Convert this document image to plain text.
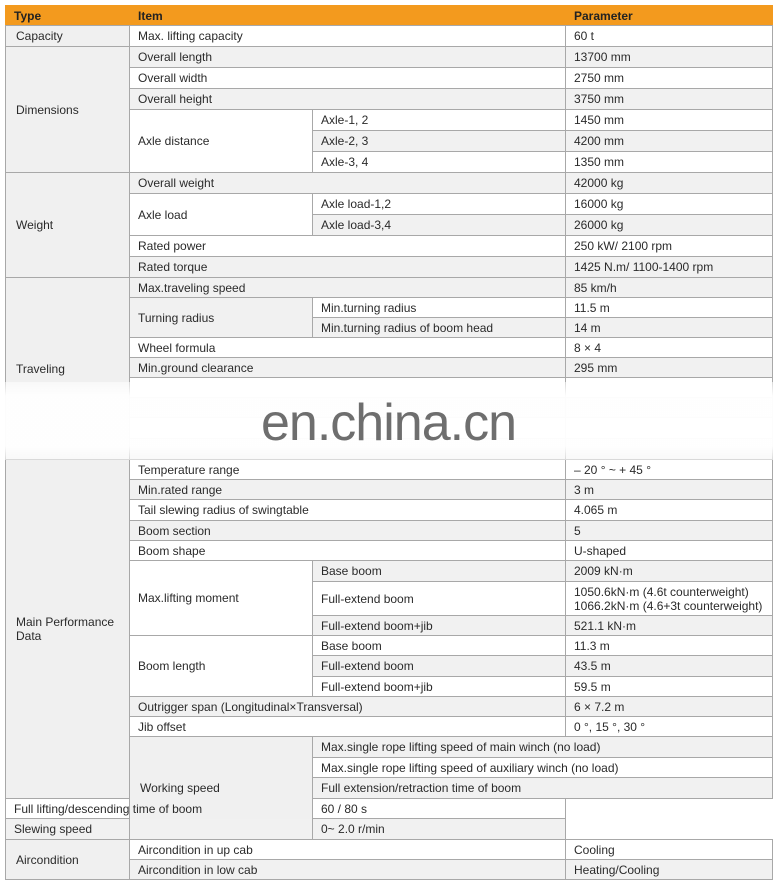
Type	Item		Parameter	
Capacity	Max. lifting capacity		60 t	
Dimensions	Overall length		13700 mm	
	Overall width		2750 mm	
	Overall height		3750 mm	
	Axle distance	Axle-1, 2	1450 mm	
		Axle-2, 3	4200 mm	
		Axle-3, 4	1350 mm	
Weight	Overall weight		42000 kg	
	Axle load	Axle load-1,2	16000 kg	
		Axle load-3,4	26000 kg	
	Rated power		250 kW/ 2100 rpm	
	Rated torque		1425 N.m/ 1100-1400 rpm	
Traveling	Max.traveling speed		85 km/h	
	Turning radius	Min.turning radius	11.5 m	
		Min.turning radius of boom head	14 m	
	Wheel formula		8 × 4	
	Min.ground clearance		295 mm	

Main Performance Data	Temperature range		– 20 ° ~ + 45 °	
	Min.rated range		3 m	
	Tail slewing radius of swingtable		4.065 m	
	Boom section		5	
	Boom shape		U-shaped	
	Max.lifting moment	Base boom	2009 kN·m	
		Full-extend boom	1050.6kN·m (4.6t counterweight)
1066.2kN·m (4.6+3t counterweight)	

		Full-extend boom+jib	521.1 kN·m	
	Boom length	Base boom	11.3 m	
		Full-extend boom	43.5 m	
		Full-extend boom+jib	59.5 m	
	Outrigger span (Longitudinal×Transversal)		6 × 7.2 m	
	Jib offset		0 °, 15 °, 30 °	
	Working speed	Max.single rope lifting speed of main winch (no load)	
		Max.single rope lifting speed of auxiliary winch (no load)	
		Full extension/retraction time of boom	
Full lifting/descending time of boom		60 / 80 s		
Slewing speed		0~ 2.0 r/min		
Aircondition	Aircondition in up cab		Cooling	
	Aircondition in low cab		Heating/Cooling	
en.china.cn
